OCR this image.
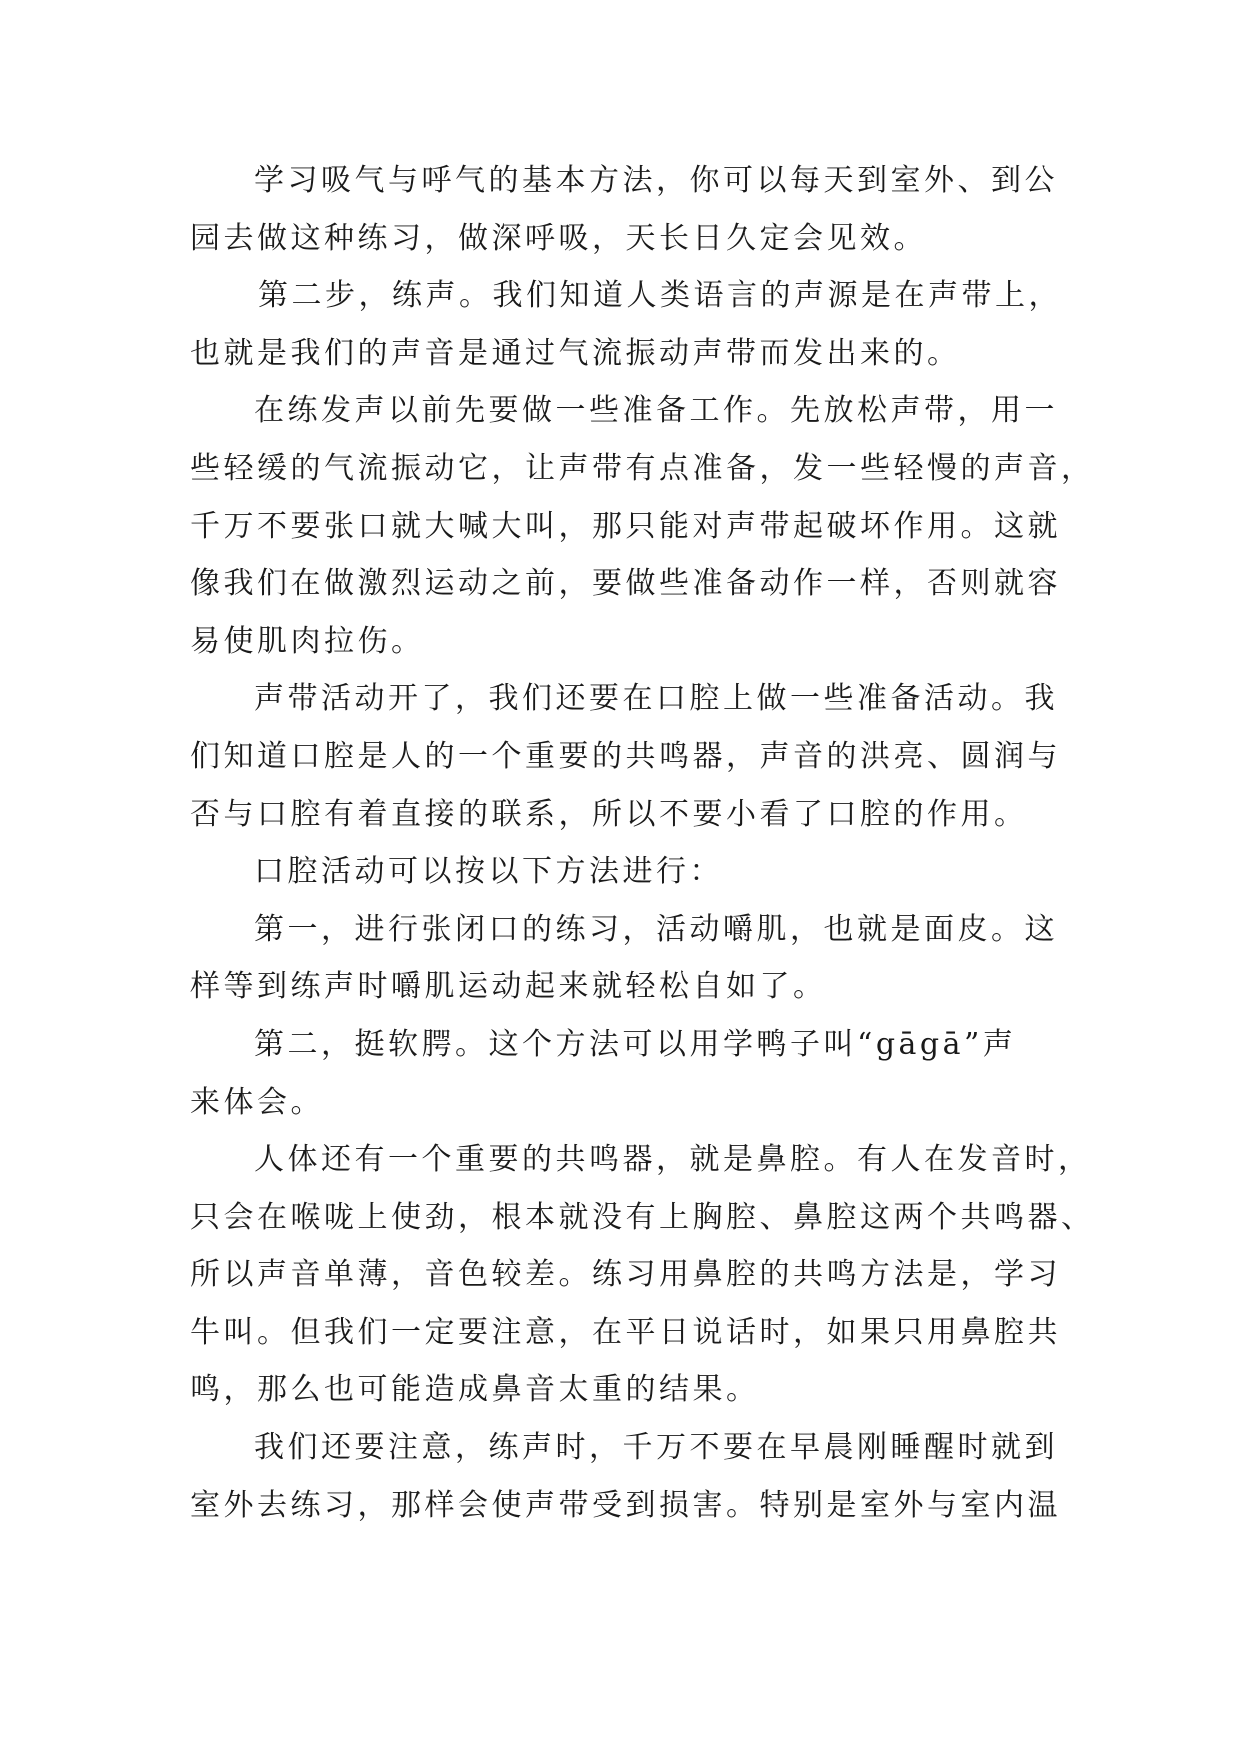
学习吸气与呼气的基本方法，你可以每天到室外、到公
园去做这种练习，做深呼吸，天长日久定会见效。
第二步，练声。我们知道人类语言的声源是在声带上，
也就是我们的声音是通过气流振动声带而发出来的。
在练发声以前先要做一些准备工作。先放松声带，用一
些轻缓的气流振动它，让声带有点准备，发一些轻慢的声音，
千万不要张口就大喊大叫，那只能对声带起破坏作用。这就
像我们在做激烈运动之前，要做些准备动作一样，否则就容
易使肌肉拉伤。
声带活动开了，我们还要在口腔上做一些准备活动。我
们知道口腔是人的一个重要的共鸣器，声音的洪亮、圆润与
否与口腔有着直接的联系，所以不要小看了口腔的作用。
口腔活动可以按以下方法进行：
第一，进行张闭口的练习，活动嚼肌，也就是面皮。这
样等到练声时嚼肌运动起来就轻松自如了。
第二，挺软腭。这个方法可以用学鸭子叫“gāgā”声
来体会。
人体还有一个重要的共鸣器，就是鼻腔。有人在发音时，
只会在喉咙上使劲，根本就没有上胸腔、鼻腔这两个共鸣器、
所以声音单薄，音色较差。练习用鼻腔的共鸣方法是，学习
牛叫。但我们一定要注意，在平日说话时，如果只用鼻腔共
鸣，那么也可能造成鼻音太重的结果。
我们还要注意，练声时，千万不要在早晨刚睡醒时就到
室外去练习，那样会使声带受到损害。特别是室外与室内温
